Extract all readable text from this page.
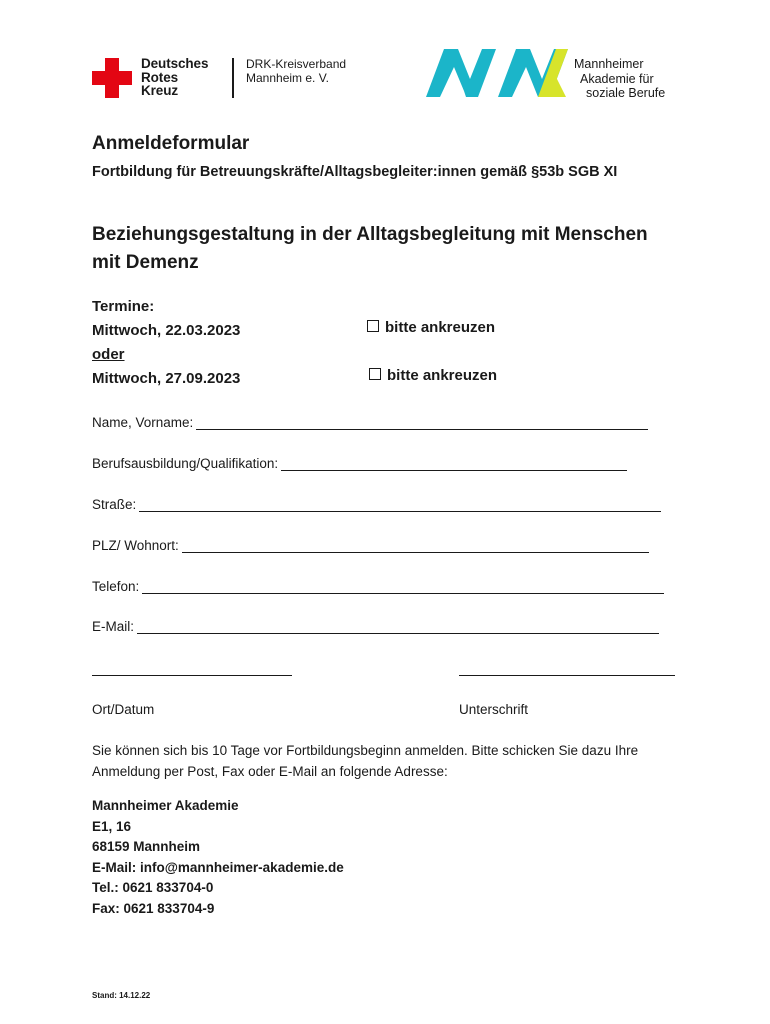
Deutsches
Rotes
Kreuz
DRK-Kreisverband
Mannheim e. V.
Mannheimer
Akademie für
soziale Berufe
Anmeldeformular
Fortbildung für Betreuungskräfte/Alltagsbegleiter:innen gemäß §53b SGB XI
Beziehungsgestaltung in der Alltagsbegleitung mit Menschen mit Demenz
Termine:
Mittwoch, 22.03.2023
oder
Mittwoch, 27.09.2023
bitte ankreuzen
bitte ankreuzen
Name, Vorname:
Berufsausbildung/Qualifikation:
Straße:
PLZ/ Wohnort:
Telefon:
E-Mail:
Ort/Datum	Unterschrift
Sie können sich bis 10 Tage vor Fortbildungsbeginn anmelden. Bitte schicken Sie dazu Ihre Anmeldung per Post, Fax oder E-Mail an folgende Adresse:
Mannheimer Akademie
E1, 16
68159 Mannheim
E-Mail: info@mannheimer-akademie.de
Tel.: 0621 833704-0
Fax: 0621 833704-9
Stand: 14.12.22
